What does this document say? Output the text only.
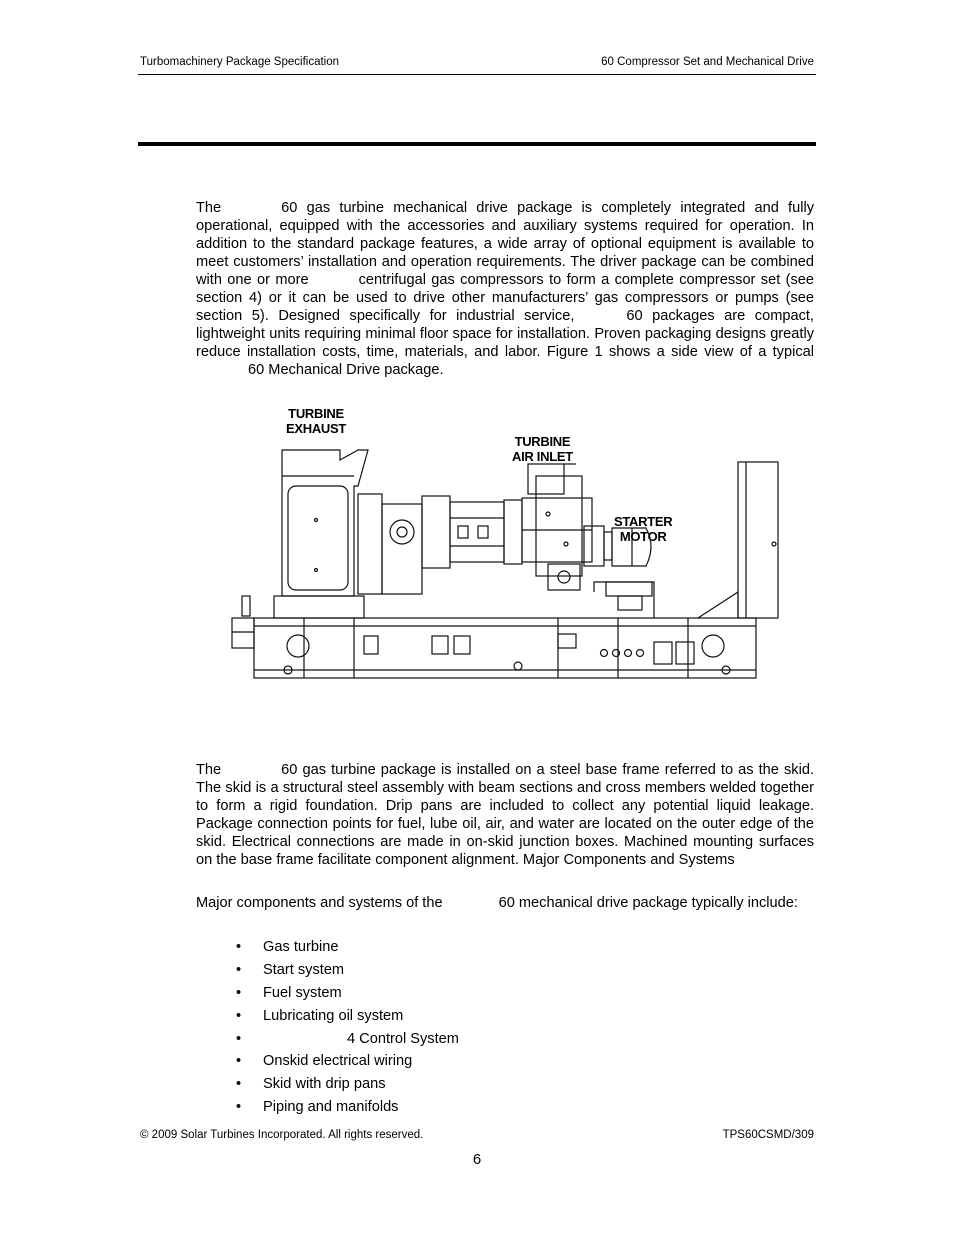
Turbomachinery Package Specification	60 Compressor Set and Mechanical Drive

The	60 gas turbine mechanical drive package is completely integrated and fully operational, equipped with the accessories and auxiliary systems required for operation. In addition to the standard package features, a wide array of optional equipment is available to meet customers’ installation and operation requirements. The driver package can be combined with one or more	centrifugal gas compressors to form a complete compressor set (see section 4) or it can be used to drive other manufacturers’ gas compressors or pumps (see section 5). Designed specifically for industrial service,	60 packages are compact, lightweight units requiring minimal floor space for installation. Proven packaging designs greatly reduce installation costs, time, materials, and labor. Figure 1 shows a side view of a typical60 Mechanical Drive package.

TURBINE
EXHAUST
TURBINE
AIR INLET
STARTER
MOTOR

The	60 gas turbine package is installed on a steel base frame referred to as the skid. The skid is a structural steel assembly with beam sections and cross members welded together to form a rigid foundation. Drip pans are included to collect any potential liquid leakage. Package connection points for fuel, lube oil, air, and water are located on the outer edge of the skid. Electrical connections are made in on-skid junction boxes. Machined mounting surfaces on the base frame facilitate component alignment. Major Components and Systems

Major components and systems of the	60 mechanical drive package typically include:

• Gas turbine
• Start system
• Fuel system
• Lubricating oil system
•	4 Control System
• Onskid electrical wiring
• Skid with drip pans
• Piping and manifolds
© 2009 Solar Turbines Incorporated. All rights reserved.	TPS60CSMD/309
6
